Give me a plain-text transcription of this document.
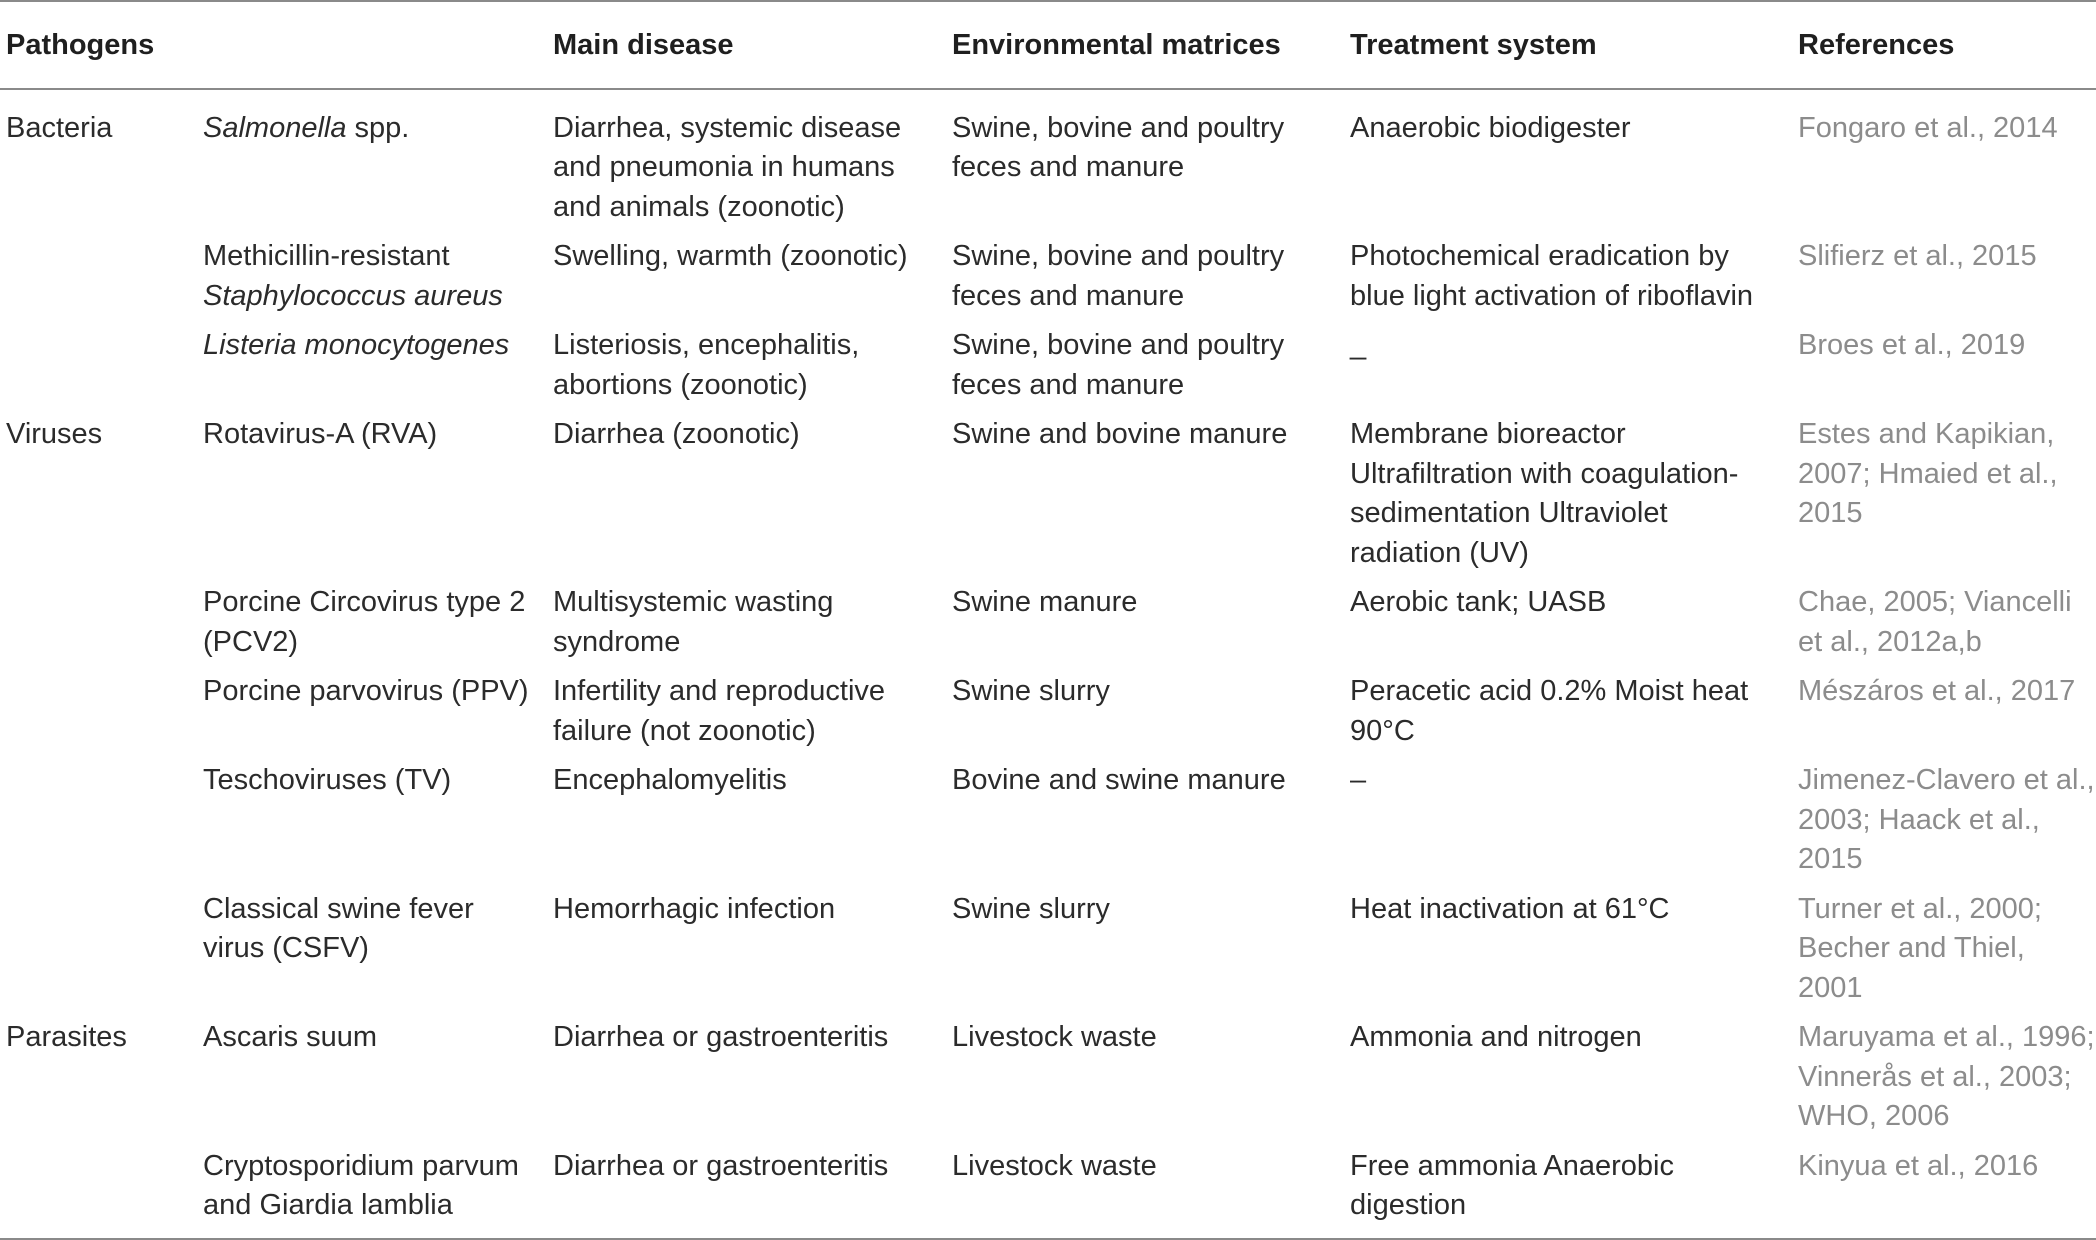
Pathogens		Main disease	Environmental matrices	Treatment system	References
Bacteria	Salmonella spp.	Diarrhea, systemic disease and pneumonia in humans and animals (zoonotic)	Swine, bovine and poultry feces and manure	Anaerobic biodigester	Fongaro et al., 2014
	Methicillin-resistant Staphylococcus aureus	Swelling, warmth (zoonotic)	Swine, bovine and poultry feces and manure	Photochemical eradication by blue light activation of riboflavin	Slifierz et al., 2015
	Listeria monocytogenes	Listeriosis, encephalitis, abortions (zoonotic)	Swine, bovine and poultry feces and manure	_	Broes et al., 2019
Viruses	Rotavirus-A (RVA)	Diarrhea (zoonotic)	Swine and bovine manure	Membrane bioreactor Ultrafiltration with coagulation-sedimentation Ultraviolet radiation (UV)	Estes and Kapikian, 2007; Hmaied et al., 2015
	Porcine Circovirus type 2 (PCV2)	Multisystemic wasting syndrome	Swine manure	Aerobic tank; UASB	Chae, 2005; Viancelli et al., 2012a,b
	Porcine parvovirus (PPV)	Infertility and reproductive failure (not zoonotic)	Swine slurry	Peracetic acid 0.2% Moist heat 90°C	Mészáros et al., 2017
	Teschoviruses (TV)	Encephalomyelitis	Bovine and swine manure	–	Jimenez-Clavero et al., 2003; Haack et al., 2015
	Classical swine fever virus (CSFV)	Hemorrhagic infection	Swine slurry	Heat inactivation at 61°C	Turner et al., 2000; Becher and Thiel, 2001
Parasites	Ascaris suum	Diarrhea or gastroenteritis	Livestock waste	Ammonia and nitrogen	Maruyama et al., 1996; Vinnerås et al., 2003; WHO, 2006
	Cryptosporidium parvum and Giardia lamblia	Diarrhea or gastroenteritis	Livestock waste	Free ammonia Anaerobic digestion	Kinyua et al., 2016
